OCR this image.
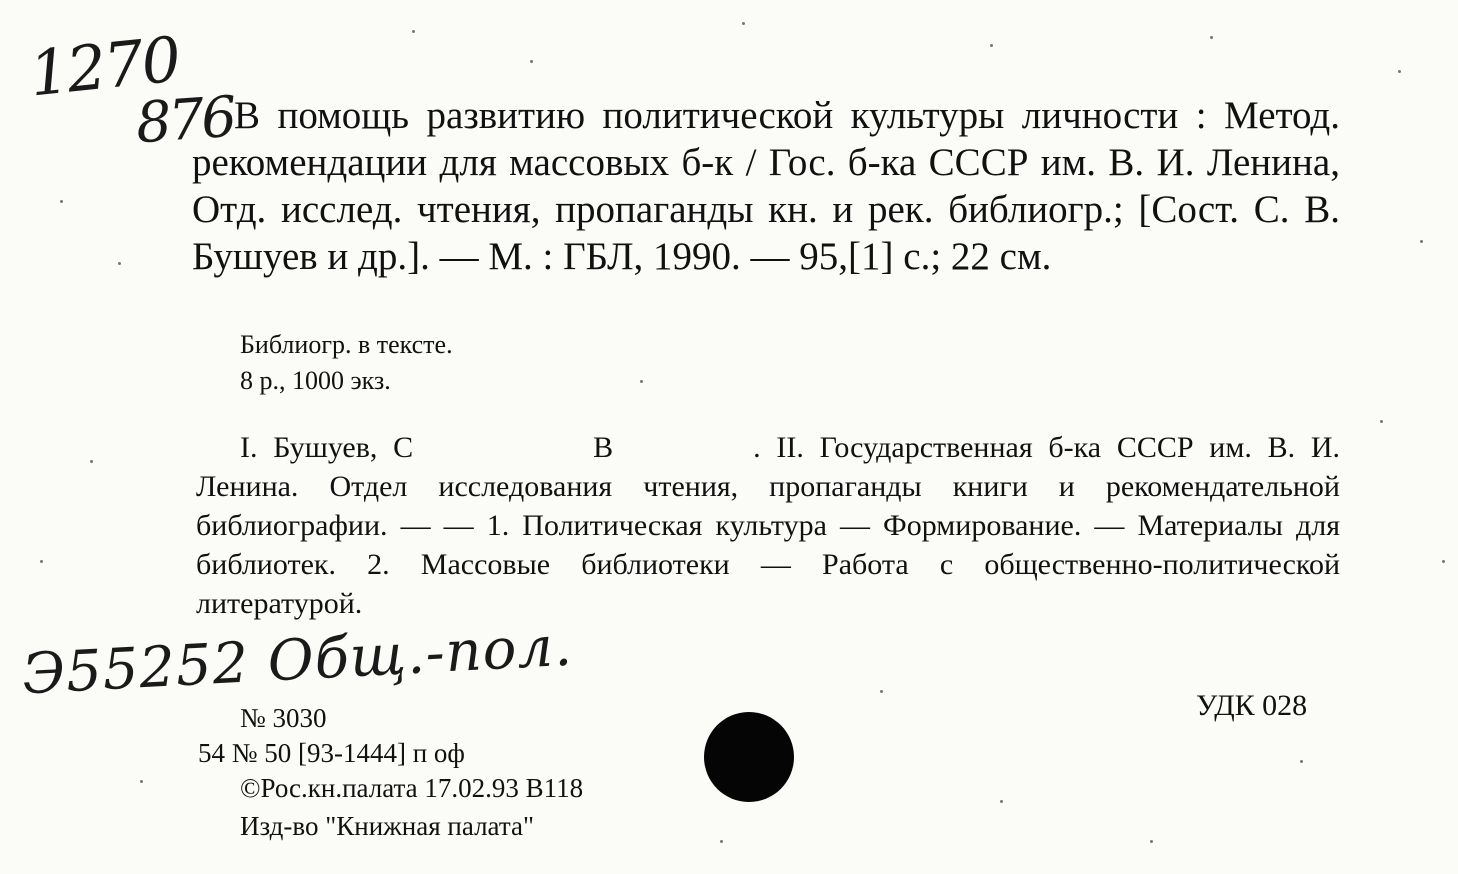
1270
876

В помощь развитию политической культуры личности : Метод. рекомендации для массовых б-к / Гос. б-ка СССР им. В. И. Ленина, Отд. исслед. чтения, пропаганды кн. и рек. библиогр.; [Сост. С. В. Бушуев и др.]. — М. : ГБЛ, 1990. — 95,[1] с.; 22 см.

Библиогр. в тексте.

8 р., 1000 экз.

I. Бушуев, С	В	. II. Государственная б-ка СССР им. В. И. Ленина. Отдел исследования чтения, пропаганды книги и рекомендательной библиографии. — — 1. Политическая культура — Формирование. — Материалы для библиотек. 2. Массовые библиотеки — Работа с общественно-политической литературой.

Э55252 Общ.-пол.
№ 3030
54 № 50 [93-1444] п оф
©Рос.кн.палата 17.02.93 В118
Изд-во "Книжная палата"
УДК 028
